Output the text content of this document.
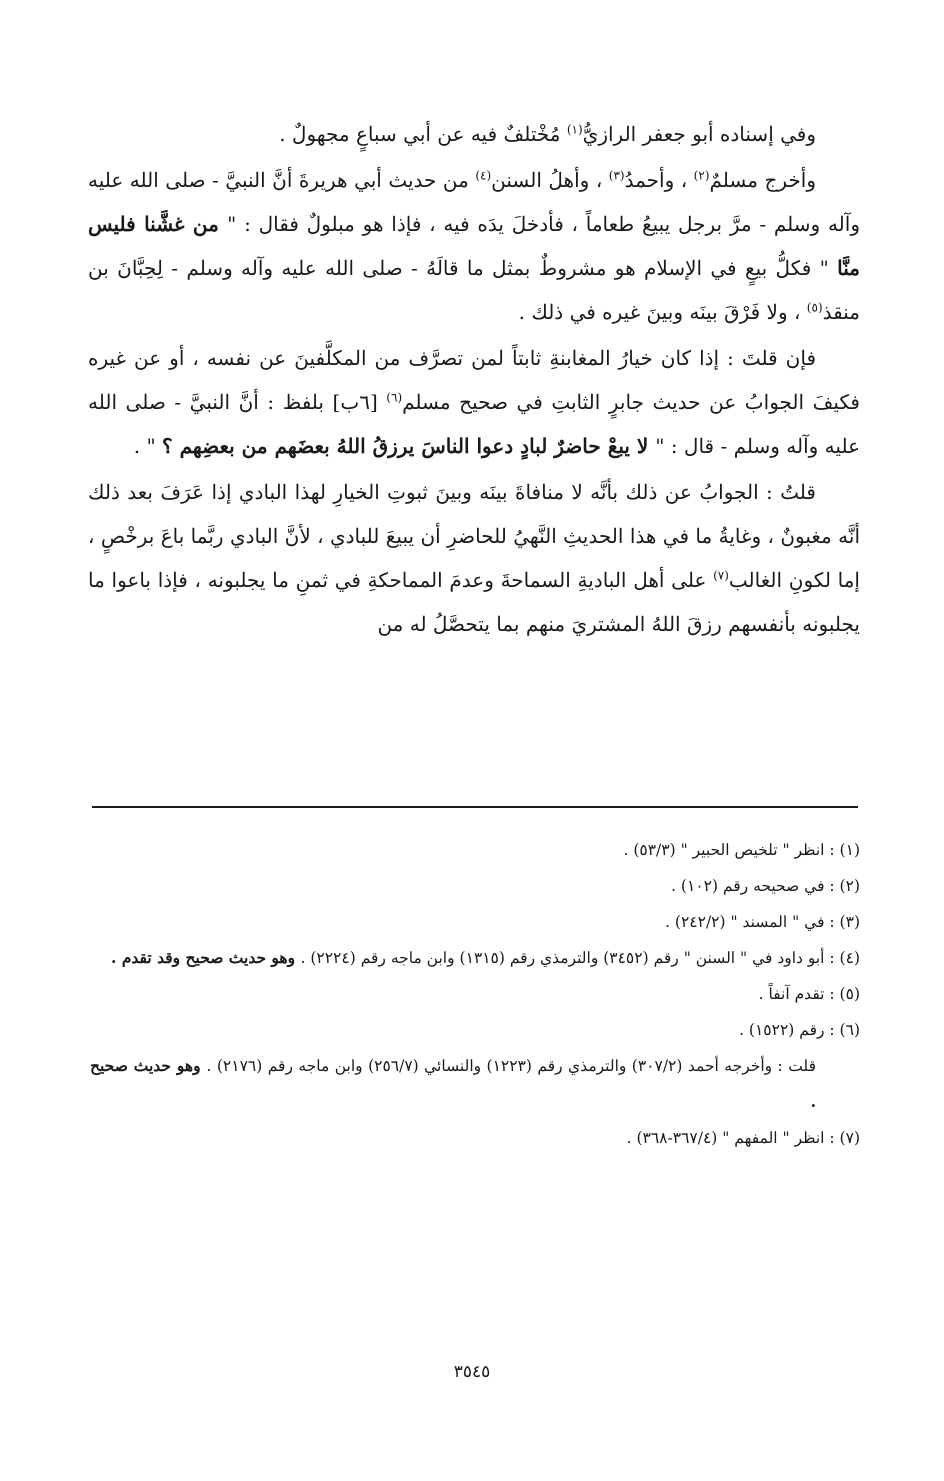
وفي إسناده أبو جعفر الرازيُّ$^{(١)}$ مُخْتلفٌ فيه عن أبي سباعٍ مجهولٌ .

وأخرج مسلمٌ$^{(٢)}$ ، وأحمدُ$^{(٣)}$ ، وأهلُ السنن$^{(٤)}$ من حديث أبي هريرةَ أنَّ النبيَّ - صلى الله عليه وآله وسلم - مرَّ برجل يبيعُ طعاماً ، فأدخلَ يدَه فيه ، فإذا هو مبلولٌ فقال : " من غشَّنا فليس منَّا " فكلُّ بيعٍ في الإسلام هو مشروطٌ بمثل ما قالَهُ - صلى الله عليه وآله وسلم - لِحِبَّانَ بن منقذ$^{(٥)}$ ، ولا فَرْقَ بينَه وبينَ غيره في ذلك .

فإن قلتَ : إذا كان خيارُ المغابنةِ ثابتاً لمن تصرَّف من المكلَّفينَ عن نفسه ، أو عن غيره فكيفَ الجوابُ عن حديث جابرٍ الثابتِ في صحيح مسلم$^{(٦)}$ [٦ب] بلفظ : أنَّ النبيَّ - صلى الله عليه وآله وسلم - قال : " لا يبعْ حاضرٌ لبادٍ دعوا الناسَ يرزقُ اللهُ بعضَهم من بعضِهم ؟ " .

قلتُ : الجوابُ عن ذلك بأنَّه لا منافاةَ بينَه وبينَ ثبوتِ الخيارِ لهذا البادي إذا عَرَفَ بعد ذلك أنَّه مغبونٌ ، وغايةُ ما في هذا الحديثِ النَّهيُ للحاضرِ أن يبيعَ للبادي ، لأنَّ البادي ربَّما باعَ برخْصٍ ، إما لكونِ الغالب$^{(٧)}$ على أهل الباديةِ السماحةَ وعدمَ المماحكةِ في ثمنِ ما يجلبونه ، فإذا باعوا ما يجلبونه بأنفسهم رزقَ اللهُ المشتريَ منهم بما يتحصَّلُ له من

(١) : انظر " تلخيص الحبير " (٥٣/٣) .

(٢) : في صحيحه رقم (١٠٢) .

(٣) : في " المسند " (٢٤٢/٢) .

(٤) : أبو داود في " السنن " رقم (٣٤٥٢) والترمذي رقم (١٣١٥) وابن ماجه رقم (٢٢٢٤) . وهو حديث صحيح وقد تقدم .

(٥) : تقدم آنفاً .

(٦) : رقم (١٥٢٢) .

قلت : وأخرجه أحمد (٣٠٧/٢) والترمذي رقم (١٢٢٣) والنسائي (٢٥٦/٧) وابن ماجه رقم (٢١٧٦) . وهو حديث صحيح .

(٧) : انظر " المفهم " (٣٦٧/٤-٣٦٨) .

٣٥٤٥
